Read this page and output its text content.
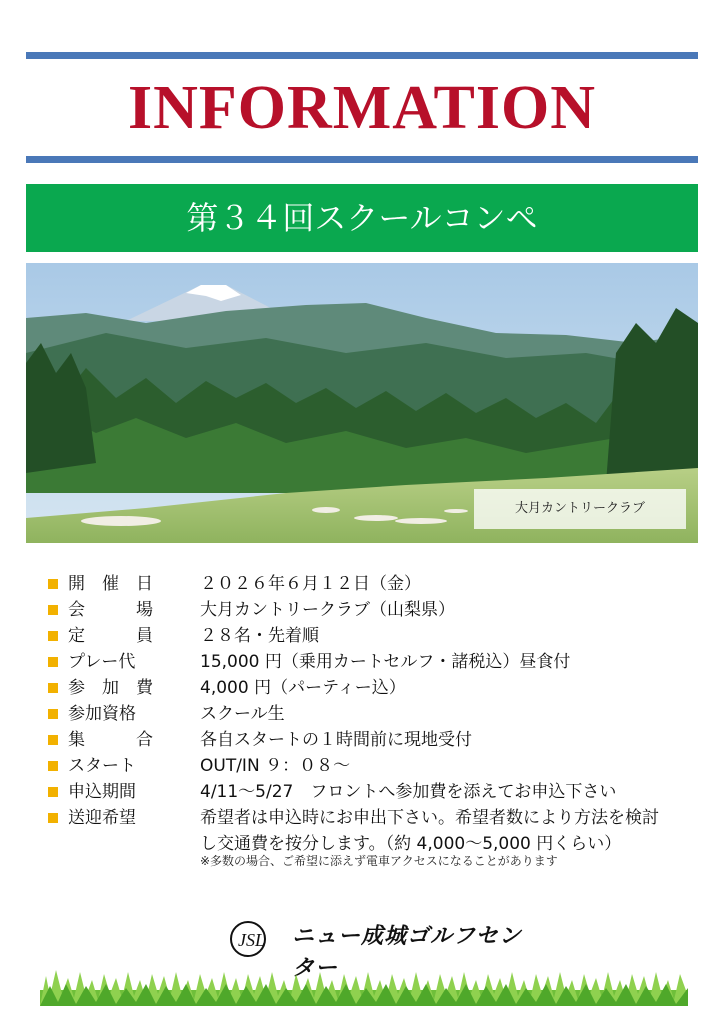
INFORMATION
第３４回スクールコンペ
大月カントリークラブ
開　催　日	２０２６年６月１２日（金）
会　　　場	大月カントリークラブ（山梨県）
定　　　員	２８名・先着順
プレー代	15,000 円（乗用カートセルフ・諸税込）昼食付
参　加　費	4,000 円（パーティー込）
参加資格	スクール生
集　　　合	各自スタートの１時間前に現地受付
スタート	OUT/IN ９：０８～
申込期間	4/11～5/27　フロントへ参加費を添えてお申込下さい
送迎希望	希望者は申込時にお申出下さい。希望者数により方法を検討
し交通費を按分します。（約 4,000～5,000 円くらい）
※多数の場合、ご希望に添えず電車アクセスになることがあります
JSL ニュー成城ゴルフセンター
